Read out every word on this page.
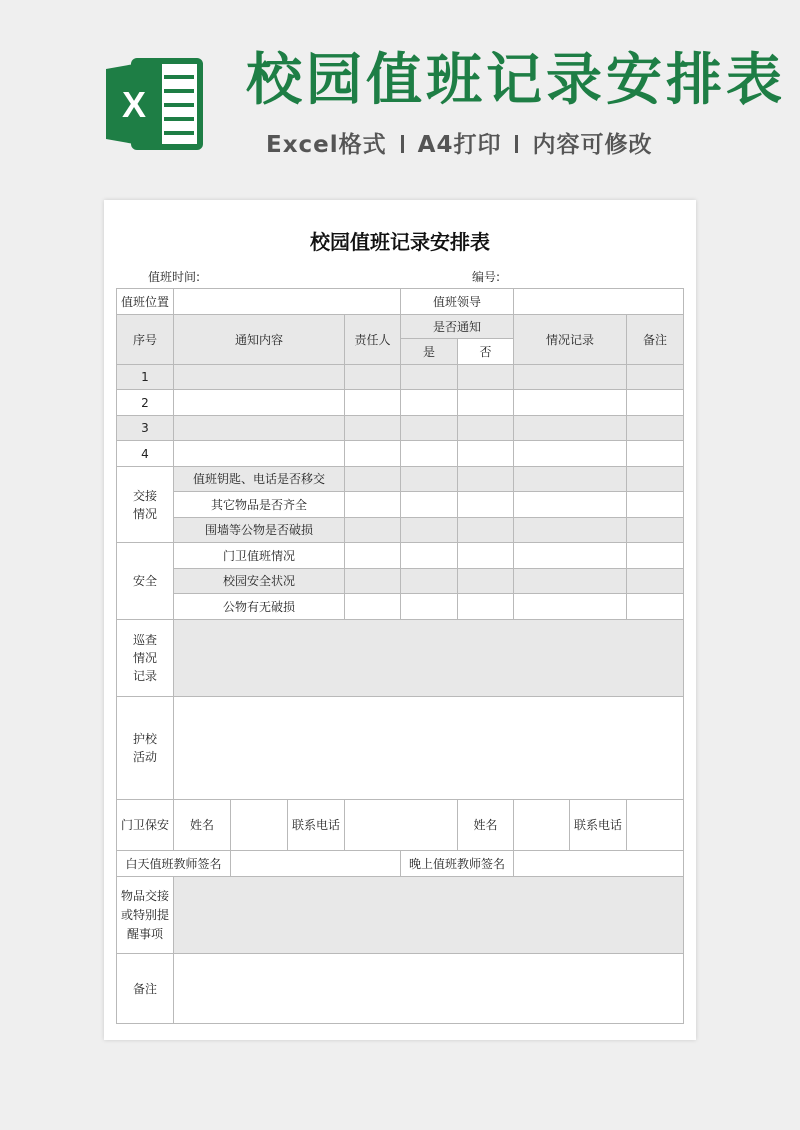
X 校园值班记录安排表
Excel格式 A4打印 内容可修改
校园值班记录安排表
值班时间:	编号:
值班位置					值班领导				
序号	通知内容			责任人	是否通知		情况记录		备注
					是	否			
1									
2									
3									
4									
交接
情况	值班钥匙、电话是否移交								
	其它物品是否齐全								
	围墙等公物是否破损								
安全	门卫值班情况								
	校园安全状况								
	公物有无破损								
巡查
情况
记录									
护校
活动									
门卫保安	姓名		联系电话			姓名		联系电话	
白天值班教师签名					晚上值班教师签名				
物品交接
或特别提
醒事项									
备注									
